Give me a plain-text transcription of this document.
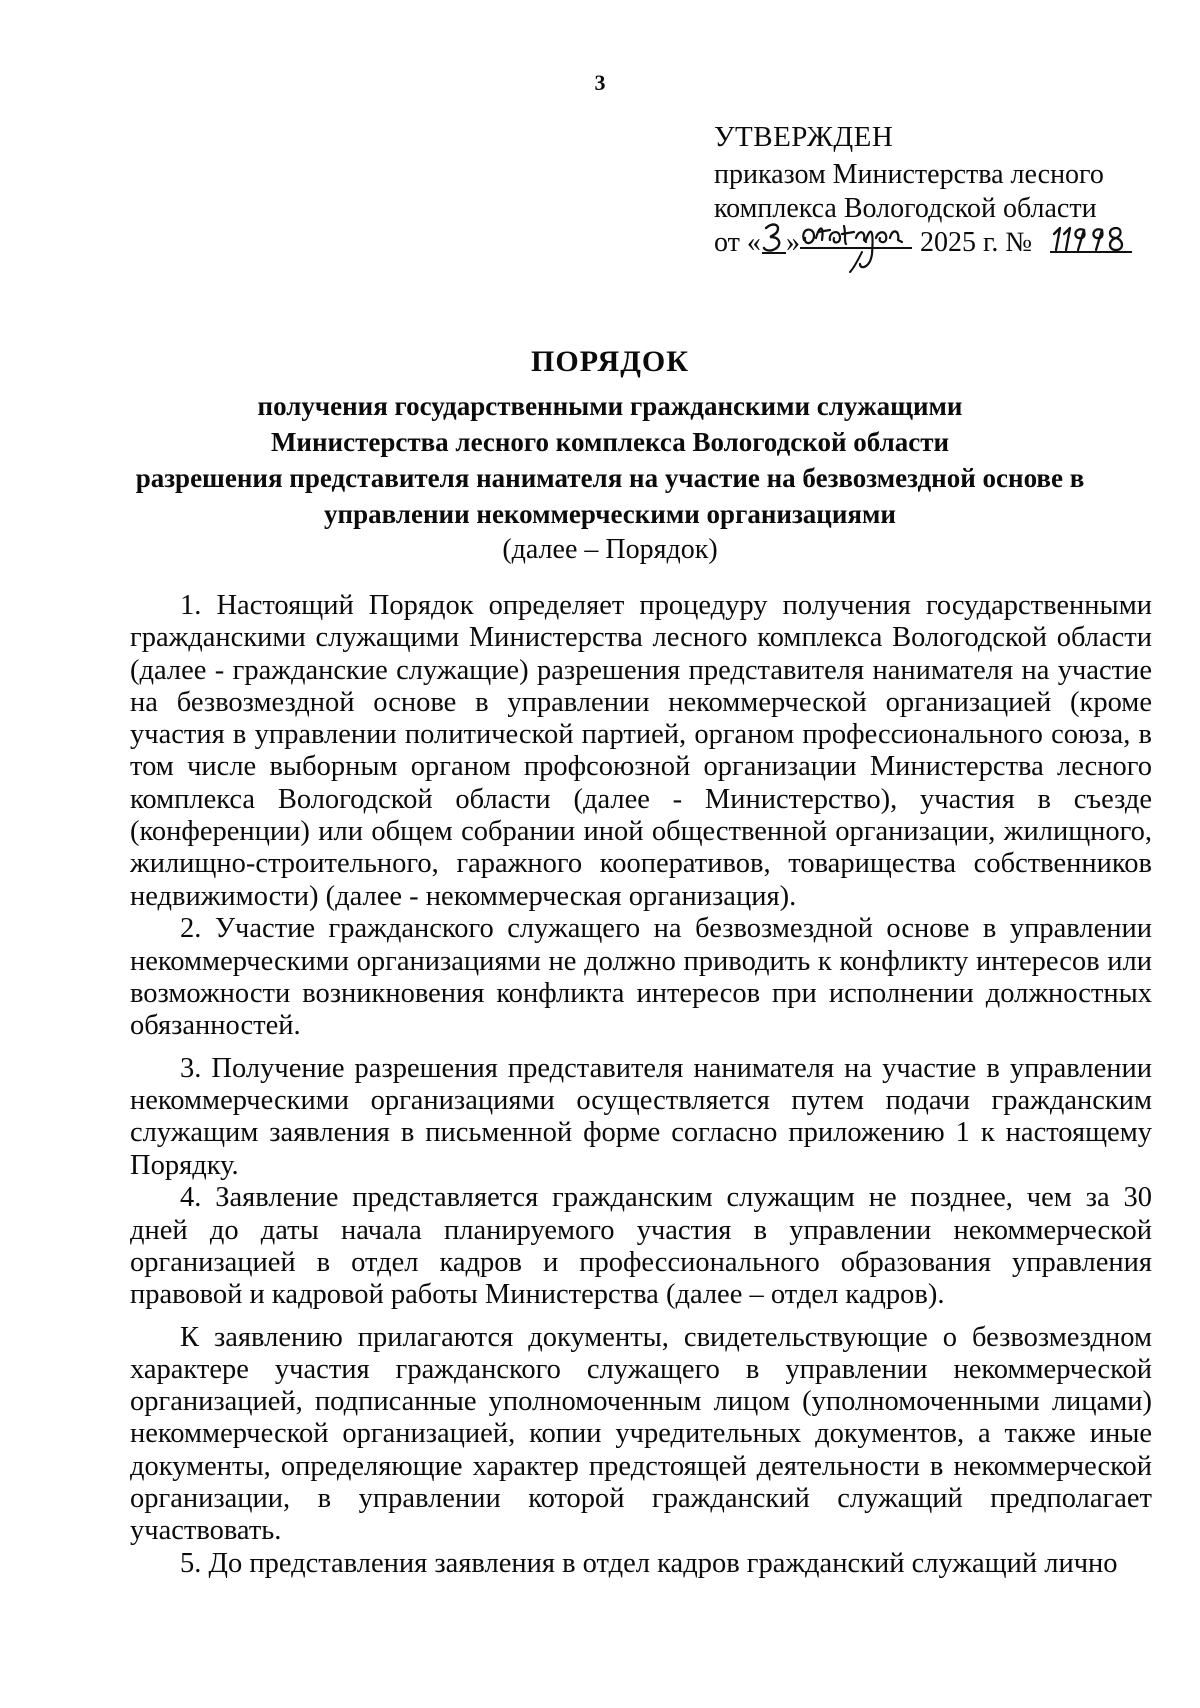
3
УТВЕРЖДЕН
приказом Министерства лесного
комплекса Вологодской области
от « »	2025 г. №
ПОРЯДОК
получения государственными гражданскими служащими
Министерства лесного комплекса Вологодской области
разрешения представителя нанимателя на участие на безвозмездной основе в
управлении некоммерческими организациями
(далее – Порядок)

1. Настоящий Порядок определяет процедуру получения государственными гражданскими служащими Министерства лесного комплекса Вологодской области (далее - гражданские служащие) разрешения представителя нанимателя на участие на безвозмездной основе в управлении некоммерческой организацией (кроме участия в управлении политической партией, органом профессионального союза, в том числе выборным органом профсоюзной организации Министерства лесного комплекса Вологодской области (далее - Министерство), участия в съезде (конференции) или общем собрании иной общественной организации, жилищного, жилищно-строительного, гаражного кооперативов, товарищества собственников недвижимости) (далее - некоммерческая организация).

2. Участие гражданского служащего на безвозмездной основе в управлении некоммерческими организациями не должно приводить к конфликту интересов или возможности возникновения конфликта интересов при исполнении должностных обязанностей.

3. Получение разрешения представителя нанимателя на участие в управлении некоммерческими организациями осуществляется путем подачи гражданским служащим заявления в письменной форме согласно приложению 1 к настоящему Порядку.

4. Заявление представляется гражданским служащим не позднее, чем за 30 дней до даты начала планируемого участия в управлении некоммерческой организацией в отдел кадров и профессионального образования управления правовой и кадровой работы Министерства (далее – отдел кадров).

К заявлению прилагаются документы, свидетельствующие о безвозмездном характере участия гражданского служащего в управлении некоммерческой организацией, подписанные уполномоченным лицом (уполномоченными лицами) некоммерческой организацией, копии учредительных документов, а также иные документы, определяющие характер предстоящей деятельности в некоммерческой организации, в управлении которой гражданский служащий предполагает участвовать.

5. До представления заявления в отдел кадров гражданский служащий лично
